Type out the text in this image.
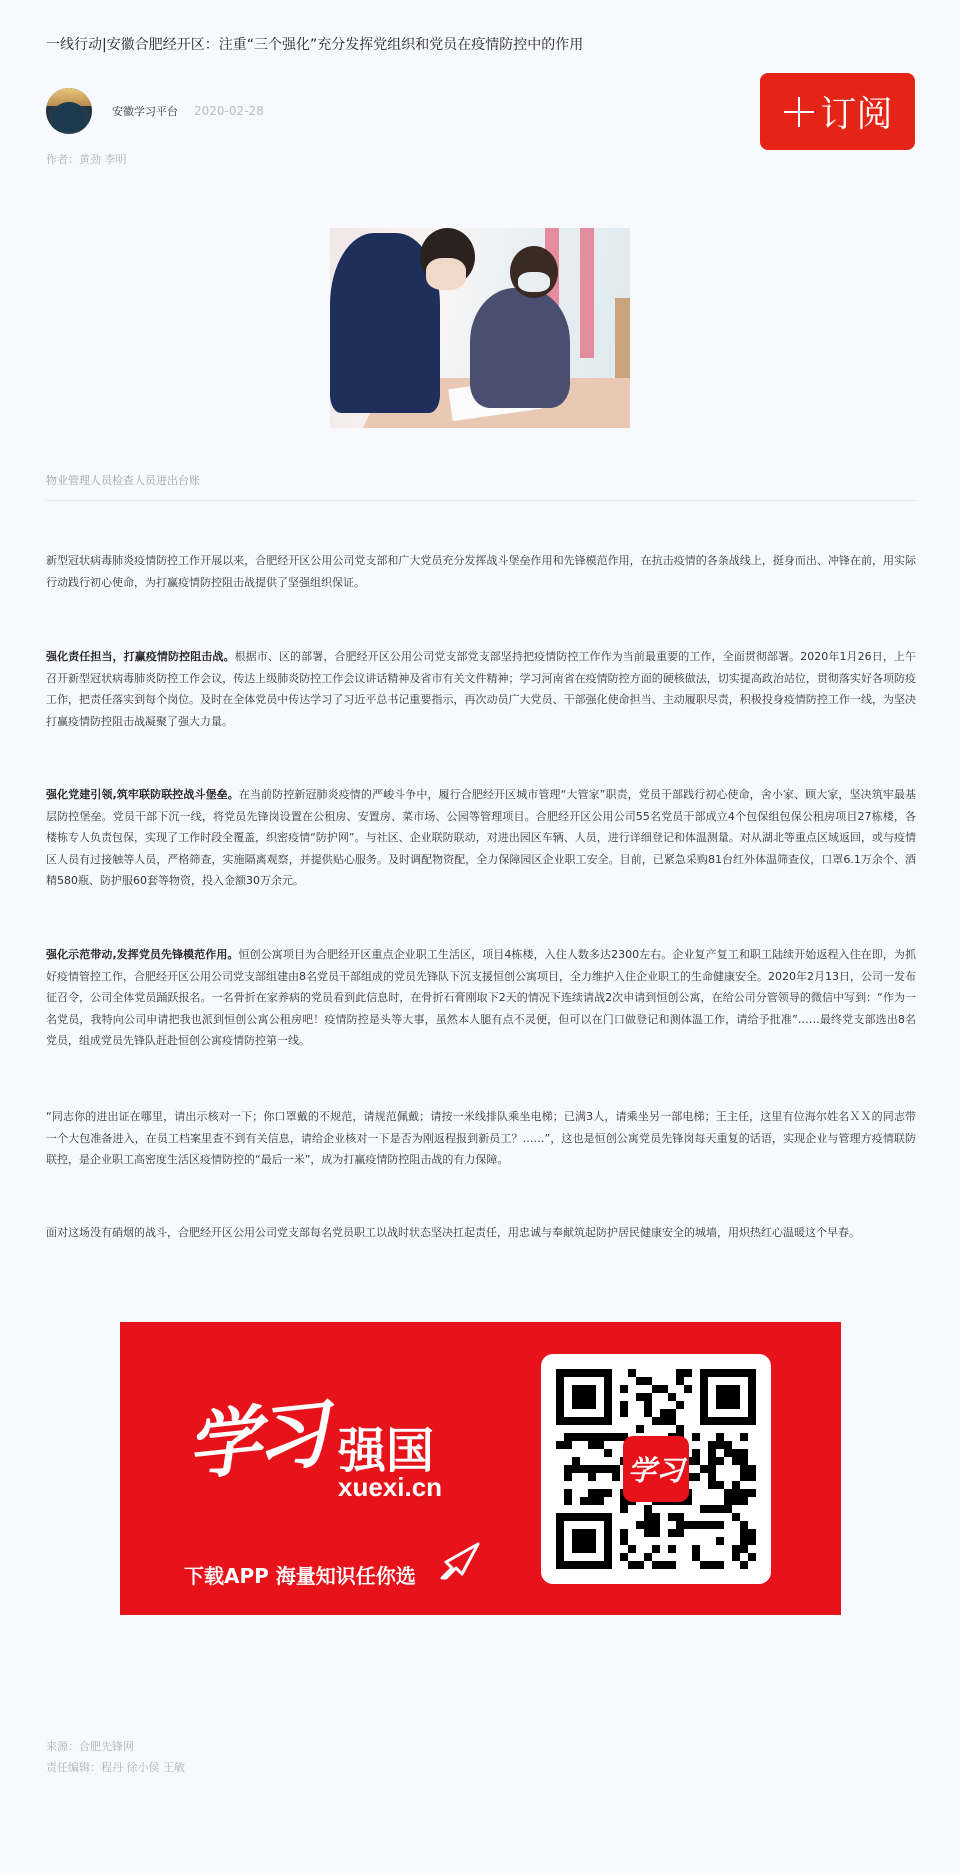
一线行动|安徽合肥经开区：注重“三个强化”充分发挥党组织和党员在疫情防控中的作用
安徽学习平台 2020-02-28	订阅
作者：黄劲 李明
物业管理人员检查人员进出台账

新型冠状病毒肺炎疫情防控工作开展以来，合肥经开区公用公司党支部和广大党员充分发挥战斗堡垒作用和先锋模范作用，在抗击疫情的各条战线上，挺身而出、冲锋在前，用实际行动践行初心使命，为打赢疫情防控阻击战提供了坚强组织保证。

强化责任担当，打赢疫情防控阻击战。根据市、区的部署，合肥经开区公用公司党支部党支部坚持把疫情防控工作作为当前最重要的工作，全面贯彻部署。2020年1月26日，上午召开新型冠状病毒肺炎防控工作会议，传达上级肺炎防控工作会议讲话精神及省市有关文件精神；学习河南省在疫情防控方面的硬核做法，切实提高政治站位，贯彻落实好各项防疫工作，把责任落实到每个岗位。及时在全体党员中传达学习了习近平总书记重要指示，再次动员广大党员、干部强化使命担当、主动履职尽责，积极投身疫情防控工作一线，为坚决打赢疫情防控阻击战凝聚了强大力量。

强化党建引领,筑牢联防联控战斗堡垒。在当前防控新冠肺炎疫情的严峻斗争中，履行合肥经开区城市管理“大管家”职责，党员干部践行初心使命，舍小家、顾大家，坚决筑牢最基层防控堡垒。党员干部下沉一线，将党员先锋岗设置在公租房、安置房、菜市场、公园等管理项目。合肥经开区公用公司55名党员干部成立4个包保组包保公租房项目27栋楼，各楼栋专人负责包保，实现了工作时段全覆盖，织密疫情“防护网”。与社区、企业联防联动，对进出园区车辆、人员，进行详细登记和体温测量。对从湖北等重点区域返回，或与疫情区人员有过接触等人员，严格筛查，实施隔离观察，并提供贴心服务。及时调配物资配，全力保障园区企业职工安全。目前，已紧急采购81台红外体温筛查仪，口罩6.1万余个、酒精580瓶、防护服60套等物资，投入金额30万余元。

强化示范带动,发挥党员先锋模范作用。恒创公寓项目为合肥经开区重点企业职工生活区，项目4栋楼，入住人数多达2300左右。企业复产复工和职工陆续开始返程入住在即，为抓好疫情管控工作，合肥经开区公用公司党支部组建由8名党员干部组成的党员先锋队下沉支援恒创公寓项目，全力维护入住企业职工的生命健康安全。2020年2月13日，公司一发布征召令，公司全体党员踊跃报名。一名骨折在家养病的党员看到此信息时，在骨折石膏刚取下2天的情况下连续请战2次申请到恒创公寓，在给公司分管领导的微信中写到：“作为一名党员，我特向公司申请把我也派到恒创公寓公租房吧！疫情防控是头等大事，虽然本人腿有点不灵便，但可以在门口做登记和测体温工作，请给予批准”……最终党支部选出8名党员，组成党员先锋队赶赴恒创公寓疫情防控第一线。

“同志你的进出证在哪里，请出示核对一下；你口罩戴的不规范，请规范佩戴；请按一米线排队乘坐电梯；已满3人，请乘坐另一部电梯；王主任，这里有位海尔姓名ＸＸ的同志带一个大包准备进入，在员工档案里查不到有关信息，请给企业核对一下是否为刚返程报到新员工？……”，这也是恒创公寓党员先锋岗每天重复的话语，实现企业与管理方疫情联防联控，是企业职工高密度生活区疫情防控的“最后一米”，成为打赢疫情防控阻击战的有力保障。

面对这场没有硝烟的战斗，合肥经开区公用公司党支部每名党员职工以战时状态坚决扛起责任，用忠诚与奉献筑起防护居民健康安全的城墙，用炽热红心温暖这个早春。

学习 强国
xuexi.cn
下载APP 海量知识任你选
学习
来源：合肥先锋网
责任编辑：程丹 徐小侯 王敏
